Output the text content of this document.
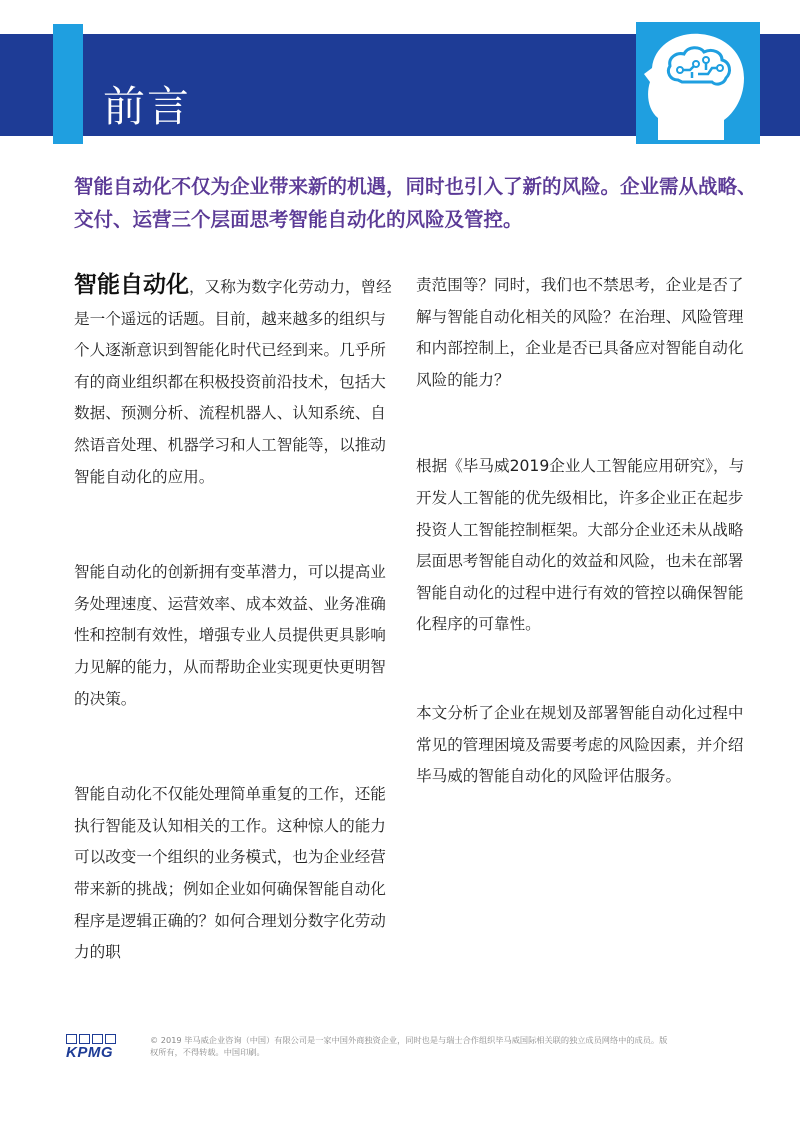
前言

智能自动化不仅为企业带来新的机遇，同时也引入了新的风险。企业需从战略、交付、运营三个层面思考智能自动化的风险及管控。

智能自动化，又称为数字化劳动力，曾经是一个遥远的话题。目前，越来越多的组织与个人逐渐意识到智能化时代已经到来。几乎所有的商业组织都在积极投资前沿技术，包括大数据、预测分析、流程机器人、认知系统、自然语音处理、机器学习和人工智能等，以推动智能自动化的应用。

智能自动化的创新拥有变革潜力，可以提高业务处理速度、运营效率、成本效益、业务准确性和控制有效性，增强专业人员提供更具影响力见解的能力，从而帮助企业实现更快更明智的决策。

智能自动化不仅能处理简单重复的工作，还能执行智能及认知相关的工作。这种惊人的能力可以改变一个组织的业务模式，也为企业经营带来新的挑战；例如企业如何确保智能自动化程序是逻辑正确的？如何合理划分数字化劳动力的职

责范围等？同时，我们也不禁思考，企业是否了解与智能自动化相关的风险？在治理、风险管理和内部控制上，企业是否已具备应对智能自动化风险的能力？

根据《毕马威2019企业人工智能应用研究》，与开发人工智能的优先级相比，许多企业正在起步投资人工智能控制框架。大部分企业还未从战略层面思考智能自动化的效益和风险，也未在部署智能自动化的过程中进行有效的管控以确保智能化程序的可靠性。

本文分析了企业在规划及部署智能自动化过程中常见的管理困境及需要考虑的风险因素，并介绍毕马威的智能自动化的风险评估服务。

KPMG
© 2019 毕马威企业咨询（中国）有限公司是一家中国外商独资企业，同时也是与瑞士合作组织毕马威国际相关联的独立成员网络中的成员。版权所有，不得转载。中国印刷。
